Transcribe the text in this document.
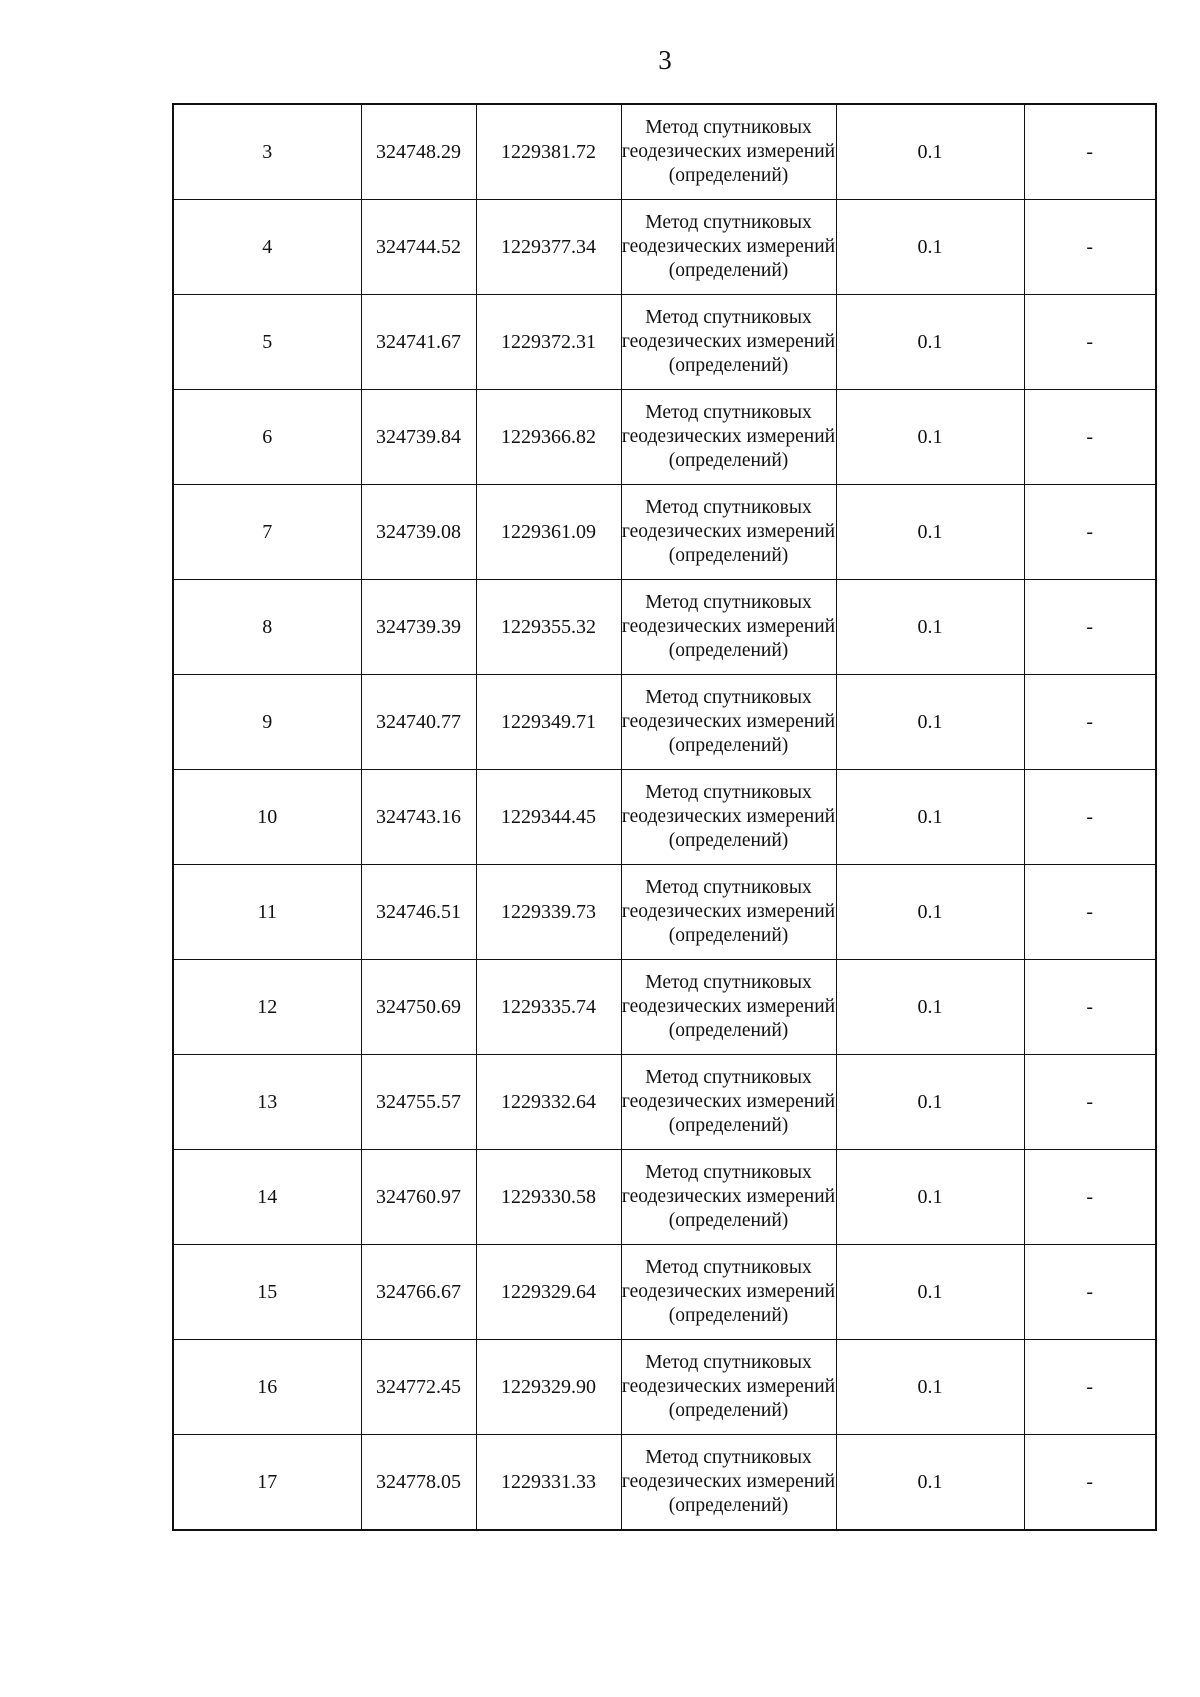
3
3	324748.29	1229381.72	Метод спутниковых геодезических измерений (определений)	0.1	-
4	324744.52	1229377.34	Метод спутниковых геодезических измерений (определений)	0.1	-
5	324741.67	1229372.31	Метод спутниковых геодезических измерений (определений)	0.1	-
6	324739.84	1229366.82	Метод спутниковых геодезических измерений (определений)	0.1	-
7	324739.08	1229361.09	Метод спутниковых геодезических измерений (определений)	0.1	-
8	324739.39	1229355.32	Метод спутниковых геодезических измерений (определений)	0.1	-
9	324740.77	1229349.71	Метод спутниковых геодезических измерений (определений)	0.1	-
10	324743.16	1229344.45	Метод спутниковых геодезических измерений (определений)	0.1	-
11	324746.51	1229339.73	Метод спутниковых геодезических измерений (определений)	0.1	-
12	324750.69	1229335.74	Метод спутниковых геодезических измерений (определений)	0.1	-
13	324755.57	1229332.64	Метод спутниковых геодезических измерений (определений)	0.1	-
14	324760.97	1229330.58	Метод спутниковых геодезических измерений (определений)	0.1	-
15	324766.67	1229329.64	Метод спутниковых геодезических измерений (определений)	0.1	-
16	324772.45	1229329.90	Метод спутниковых геодезических измерений (определений)	0.1	-
17	324778.05	1229331.33	Метод спутниковых геодезических измерений (определений)	0.1	-
